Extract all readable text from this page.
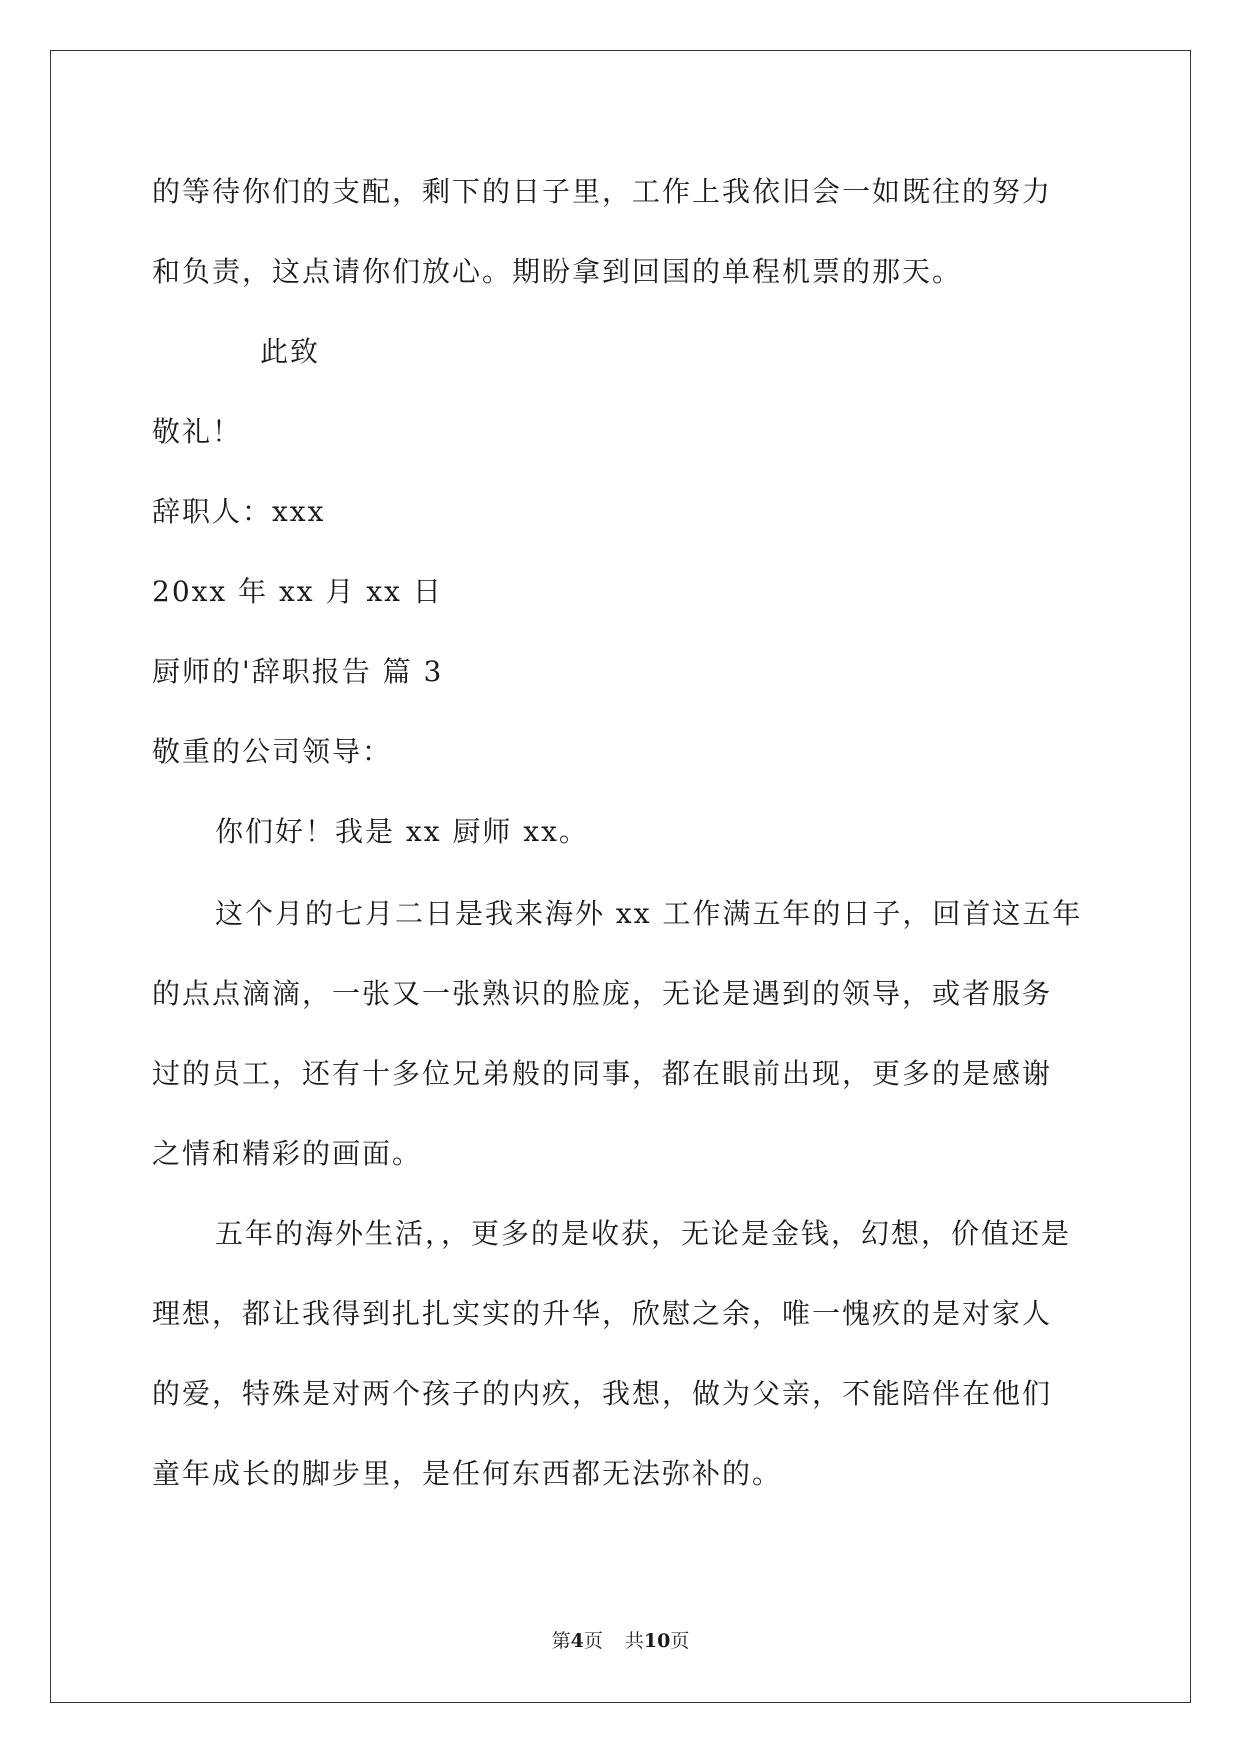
的等待你们的支配，剩下的日子里，工作上我依旧会一如既往的努力
和负责，这点请你们放心。期盼拿到回国的单程机票的那天。
此致
敬礼！
辞职人：xxx
20xx 年 xx 月 xx 日
厨师的'辞职报告 篇 3
敬重的公司领导：
你们好！我是 xx 厨师 xx。
这个月的七月二日是我来海外 xx 工作满五年的日子，回首这五年
的点点滴滴，一张又一张熟识的脸庞，无论是遇到的领导，或者服务
过的员工，还有十多位兄弟般的同事，都在眼前出现，更多的是感谢
之情和精彩的画面。
五年的海外生活，，更多的是收获，无论是金钱，幻想，价值还是
理想，都让我得到扎扎实实的升华，欣慰之余，唯一愧疚的是对家人
的爱，特殊是对两个孩子的内疚，我想，做为父亲，不能陪伴在他们
童年成长的脚步里，是任何东西都无法弥补的。
第4页 共10页
